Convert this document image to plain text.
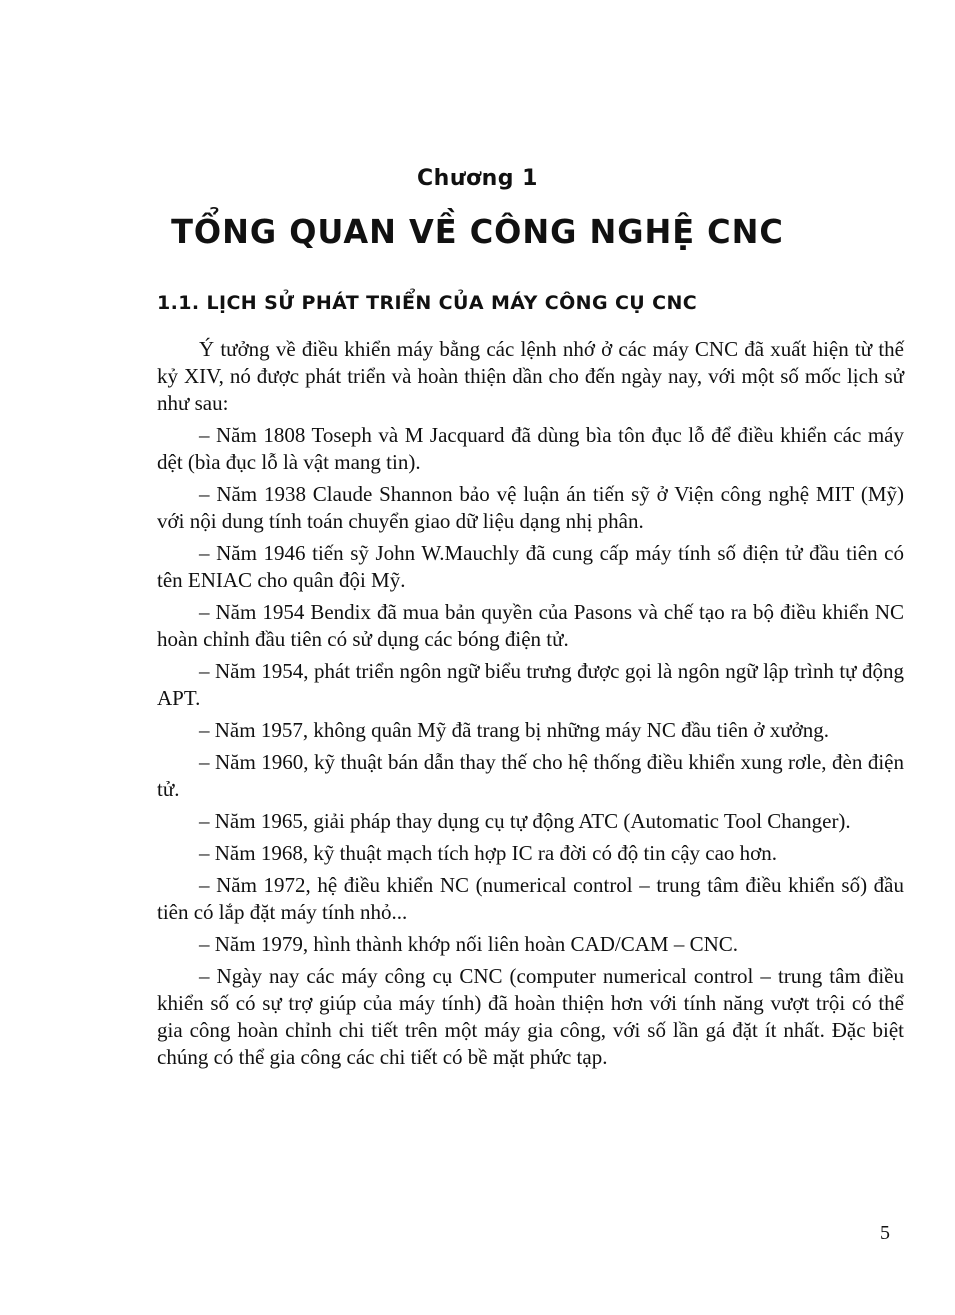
Chương 1
TỔNG QUAN VỀ CÔNG NGHỆ CNC
1.1. LỊCH SỬ PHÁT TRIỂN CỦA MÁY CÔNG CỤ CNC

Ý tưởng về điều khiển máy bằng các lệnh nhớ ở các máy CNC đã xuất hiện từ thế kỷ XIV, nó được phát triển và hoàn thiện dần cho đến ngày nay, với một số mốc lịch sử như sau:

– Năm 1808 Toseph và M Jacquard đã dùng bìa tôn đục lỗ để điều khiển các máy dệt (bìa đục lỗ là vật mang tin).

– Năm 1938 Claude Shannon bảo vệ luận án tiến sỹ ở Viện công nghệ MIT (Mỹ) với nội dung tính toán chuyển giao dữ liệu dạng nhị phân.

– Năm 1946 tiến sỹ John W.Mauchly đã cung cấp máy tính số điện tử đầu tiên có tên ENIAC cho quân đội Mỹ.

– Năm 1954 Bendix đã mua bản quyền của Pasons và chế tạo ra bộ điều khiển NC hoàn chỉnh đầu tiên có sử dụng các bóng điện tử.

– Năm 1954, phát triển ngôn ngữ biểu trưng được gọi là ngôn ngữ lập trình tự động APT.

– Năm 1957, không quân Mỹ đã trang bị những máy NC đầu tiên ở xưởng.

– Năm 1960, kỹ thuật bán dẫn thay thế cho hệ thống điều khiển xung rơle, đèn điện tử.

– Năm 1965, giải pháp thay dụng cụ tự động ATC (Automatic Tool Changer).

– Năm 1968, kỹ thuật mạch tích hợp IC ra đời có độ tin cậy cao hơn.

– Năm 1972, hệ điều khiển NC (numerical control – trung tâm điều khiển số) đầu tiên có lắp đặt máy tính nhỏ...

– Năm 1979, hình thành khớp nối liên hoàn CAD/CAM – CNC.

– Ngày nay các máy công cụ CNC (computer numerical control – trung tâm điều khiển số có sự trợ giúp của máy tính) đã hoàn thiện hơn với tính năng vượt trội có thể gia công hoàn chỉnh chi tiết trên một máy gia công, với số lần gá đặt ít nhất. Đặc biệt chúng có thể gia công các chi tiết có bề mặt phức tạp.

5
